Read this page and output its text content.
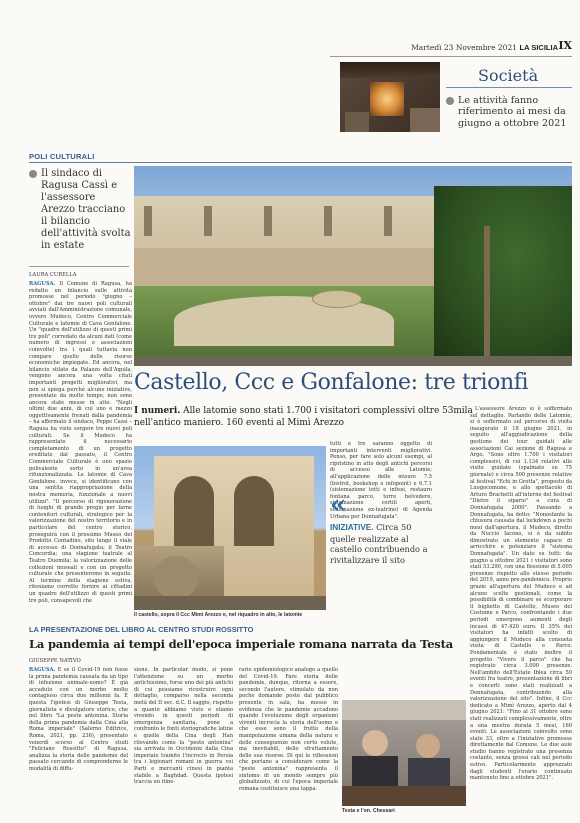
Martedì 23 Novembre 2021 LA SICILIA IX
Società
Le attività fanno riferimento ai mesi da giugno a ottobre 2021
POLI CULTURALI
Il sindaco di Ragusa Cassì e l'assessore Arezzo tracciano il bilancio dell'attività svolta in estate
LAURA CURELLA
Castello, Ccc e Gonfalone: tre trionfi
I numeri. Alle latomie sono stati 1.700 i visitatori complessivi oltre 53mila nell'antico maniero. 160 eventi al Mimì Arezzo

RAGUSA. Il Comune di Ragusa, ha redatto un bilancio sulle attività promosse nel periodo "giugno – ottobre" dai tre nuovi poli culturali avviati dall'Amministrazione comunale, ovvero Mudeco, Centro Commerciale Culturale e latomie di Cava Gonfalone. Un "quadro dell'utilizzo di questi primi tre poli" corredato da alcuni dati (come numero di ingressi e associazioni coinvolte) tra i quali tuttavia non compare quello delle risorse economiche impiegate. Ed ancora, nel bilancio stilato da Palazzo dell'Aquila, vengono ancora una volta citati importanti progetti migliorativi, ma non si spiega perché alcune iniziative, presentate da molto tempo, non sono ancora state messe in atto. "Negli ultimi due anni, di cui uno e mezzo oggettivamente frenati dalla pandemia – ha affermato il sindaco, Peppe Cassì – Ragusa ha visto sorgere tre nuovi poli culturali. Se il Mudeco ha rappresentato il necessario completamento di un progetto ereditato dal passato, il Centro Commerciale Culturale è uno spazio polivalente sorto in un'area rifunzionalizzata. Le latomie di Cava Gonfalone, invece, si identificano con una sentita riappropriazione della nostra memoria, funzionale a nuovi utilizzi". "Il percorso di rigenerazione di luoghi di grande pregio per farne contenitori culturali, strategico per la valorizzazione del nostro territorio e in particolare del centro storico, proseguirà con il prossimo Museo del Prodotto Contadino, sito lungo il viale di accesso di Donnafugata; il Teatro Concordia; una stagione teatrale al Teatro Duemila; la valorizzazione delle collezioni museali e con un progetto culturale che presenteremo in seguito. Al termine della stagione estiva, riteniamo corretto fornire ai cittadini un quadro dell'utilizzo di questi primi tre poli, consapevoli che

Il castello, sopra il Ccc Mimì Arezzo e, nel riquadro in alto, le latomie

tutti e tre saranno oggetto di importanti interventi migliorativi. Penso, per fare solo alcuni esempi, al ripristino in atto degli antichi percorsi di accesso alle Latomie; all'applicazione delle misure 7.5 (bistrot, bookshop e infopoint) e 6.7.1 (sistemazione tetti e infissi, restauro fontana parco, torre belvedere, sistemazione cortili aperti, sistemazione ex-teatrino) di Agenda Urbana per Donnafugata".

«
INIZIATIVE. Circa 50 quelle realizzate al castello contribuendo a rivitalizzare il sito

L'assessore Arezzo si è soffermato sul dettaglio. Parlando delle Latomie, si è soffermato sul percorso di visita inaugurato il 18 giugno 2021, in seguito all'aggiudicazione della gestione dei tour guidati alle associazioni Cai sezione di Ragusa e Argo. "Sono oltre 1.700 i visitatori complessivi, di cui 1.134 relativi alle visite guidate (spalmate su 75 giornate) e circa 500 presenze relative al festival "Echi in Grotta", proposto da Luogocomune, e allo spettacolo di Arturo Brachetti all'interno del festival "Dietro il sipario" a cura di Donnafugata 2000". Passando a Donnafugata, ha detto: "Nonostante la chiusura causata dal lockdown a pochi mesi dall'apertura, il Mudeco, diretto da Nuccio Iacono, si è da subito dimostrato un elemento capace di arricchire e potenziare il "sistema Donnafugata". Un dato su tutti: da giugno a ottobre 2021 i visitatori sono stati 53.290, con una flessione di 5.005 presenze rispetto allo stesso periodo del 2019, anno pre-pandemico. Proprio grazie all'apertura del Mudeco e ad alcune scelte gestionali, come la possibilità di combinare se scorporare il biglietto di Castello, Museo del Costume e Parco, confrontando i due periodi emergono aumenti degli incassi di 47.420 euro. Il 35% dei visitatori ha infatti scelto di aggiungere il Mudeco alla consueta visita di Castello e Parco. Fondamentale è stato inoltre il progetto "Vivere il parco" che ha registrato circa 3.000 presenze. Nell'ambito dell'Estate Iblea circa 50 eventi fra teatro, presentazione di libri e concerti sono stati realizzati a Donnafugata, contribuendo alla valorizzazione del sito". Infine, il Ccc dedicato a Mimì Arezzo, aperto dal 4 giugno 2021: "Fino al 31 ottobre sono stati realizzati complessivamente, oltre a una mostra durata 5 mesi, 160 eventi. Le associazioni coinvolte sono state 33, oltre a l'iniziative promosse direttamente dal Comune. Le due aule studio hanno registrato una presenza costante, senza grossi cali nel periodo estivo. Particolarmente apprezzato dagli studenti l'orario continuato mantenuto fino a ottobre 2021".

LA PRESENTAZIONE DEL LIBRO AL CENTRO STUDI ROSSITTO
La pandemia ai tempi dell'epoca imperiale romana narrata da Testa
GIUSEPPE NATIVO

RAGUSA. E se il Covid-19 non fosse la prima pandemia causata da un tipo di infezione animale-uomo? È già accaduto con un morbo molto contagioso circa due millenni fa. È questa l'ipotesi di Giuseppe Testa, giornalista e divulgatore storico, che nel libro "La peste antonina. Storia della prima pandemia dalla Cina alla Roma imperiale" (Salerno Editrice, Roma, 2021, pp. 236), presentato venerdì scorso al Centro studi "Feliciano Rossitto" di Ragusa, analizza la storia delle pandemie del passato cercando di comprenderne le modalità di diffu-

sione. In particolar modo, si pone l'attenzione su un morbo antichissimo, forse uno dei più antichi di cui possiamo ricostruire ogni dettaglio, comparso nella seconda metà del II sec. d.C. Il saggio, rispetto a quanto abbiamo visto e stiamo vivendo in questi periodi di emergenza sanitaria, pone a confronto le fonti storiografiche latine e quelle della Cina degli Han rilevando come la "peste antonina" sia arrivata in Occidente dalla Cina imperiale tramite l'incrocio in Persia tra i legionari romani in guerra coi Parti e mercanti cinesi in pianta stabile a Baghdad. Questa ipotesi traccia un itine-

rario epidemiologico analogo a quello del Covid-19. Fare storia delle pandemie, dunque, ritorna a essere, secondo l'autore, stimolato da non poche domande poste dal pubblico presente in sala, ha messo in evidenza che le pandemie accadono quando l'evoluzione degli organismi viventi incrocia la storia dell'uomo e che esse sono il frutto della manipolazione umana della natura e delle conseguenze non certo volute, ma inevitabili, dello sfruttamento delle sue risorse. Di qui le riflessioni che portano a considerare come la "peste antonina" rappresenta il sintomo di un mondo sempre più globalizzato, di cui l'epoca imperiale romana costituisce una tappa.

Testa e l'on. Chessari
